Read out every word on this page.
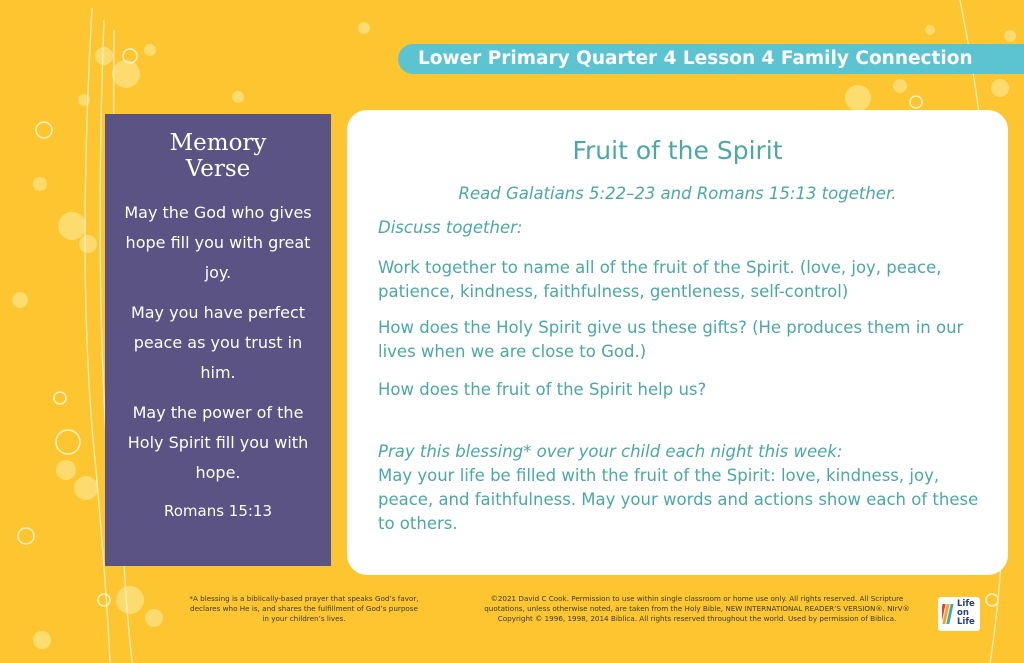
Lower Primary Quarter 4 Lesson 4 Family Connection
Memory
Verse
May the God who gives hope fill you with great joy.
May you have perfect peace as you trust in him.
May the power of the Holy Spirit fill you with hope.
Romans 15:13
Fruit of the Spirit
Read Galatians 5:22–23 and Romans 15:13 together.
Discuss together:
Work together to name all of the fruit of the Spirit. (love, joy, peace, patience, kindness, faithfulness, gentleness, self-control)
How does the Holy Spirit give us these gifts? (He produces them in our lives when we are close to God.)
How does the fruit of the Spirit help us?
Pray this blessing* over your child each night this week:
May your life be filled with the fruit of the Spirit: love, kindness, joy, peace, and faithfulness. May your words and actions show each of these to others.
*A blessing is a biblically-based prayer that speaks God’s favor, declares who He is, and shares the fulfillment of God’s purpose in your children’s lives.
©2021 David C Cook. Permission to use within single classroom or home use only. All rights reserved. All Scripture quotations, unless otherwise noted, are taken from the Holy Bible, NEW INTERNATIONAL READER’S VERSION®. NIrV® Copyright © 1996, 1998, 2014 Biblica. All rights reserved throughout the world. Used by permission of Biblica.
Life
on
Life
